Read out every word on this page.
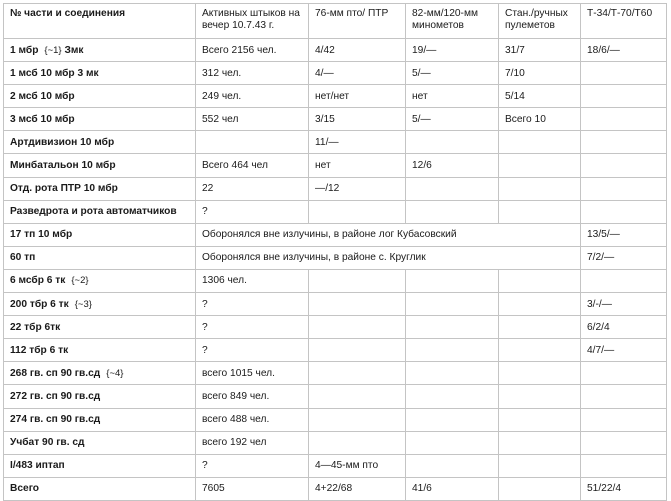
№ части и соединения	Активных штыков на вечер 10.7.43 г.	76-мм пто/ ПТР	82-мм/120-мм минометов	Стан./ручных пулеметов	Т-34/Т-70/Т60
1 мбр {~1} Змк	Всего 2156 чел.	4/42	19/—	31/7	18/6/—
1 мсб 10 мбр 3 мк	312 чел.	4/—	5/—	7/10	
2 мсб 10 мбр	249 чел.	нет/нет	нет	5/14	
3 мсб 10 мбр	552 чел	3/15	5/—	Всего 10	
Артдивизион 10 мбр		11/—			
Минбатальон 10 мбр	Всего 464 чел	нет	12/6		
Отд. рота ПТР 10 мбр	22	—/12			
Разведрота и рота автоматчиков	?				
17 тп 10 мбр	Оборонялся вне излучины, в районе лог Кубасовский				13/5/—
60 тп	Оборонялся вне излучины, в районе с. Круглик				7/2/—
6 мсбр 6 тк {~2}	1306 чел.				
200 тбр 6 тк {~3}	?				3/-/—
22 тбр 6тк	?				6/2/4
112 тбр 6 тк	?				4/7/—
268 гв. сп 90 гв.сд {~4}	всего 1015 чел.				
272 гв. сп 90 гв.сд	всего 849 чел.				
274 гв. сп 90 гв.сд	всего 488 чел.				
Учбат 90 гв. сд	всего 192 чел				
I/483 иптап	?	4—45-мм пто			
Всего	7605	4+22/68	41/6		51/22/4
